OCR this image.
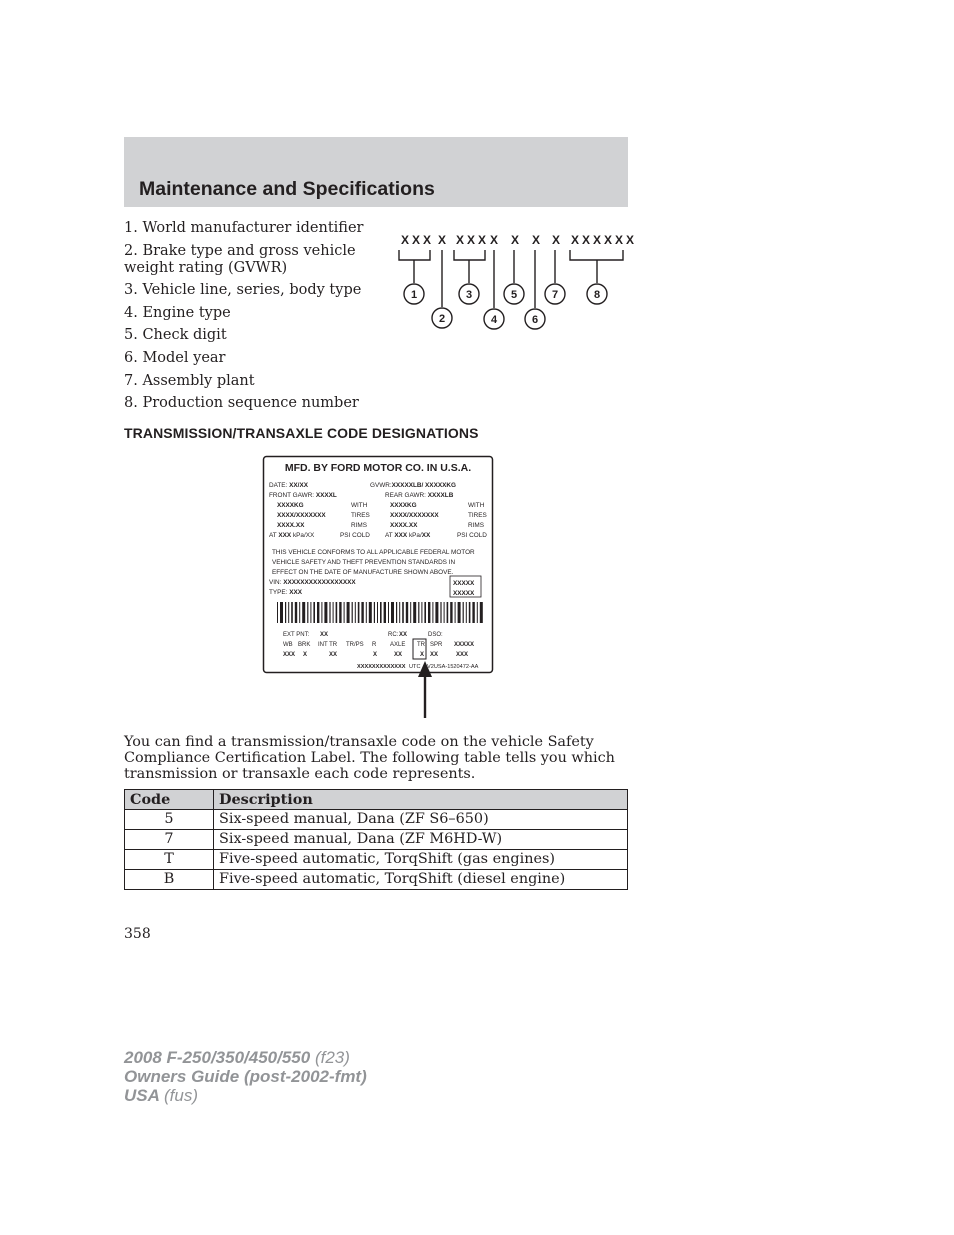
Maintenance and Specifications
1. World manufacturer identifier
2. Brake type and gross vehicle weight rating (GVWR)
3. Vehicle line, series, body type
4. Engine type
5. Check digit
6. Model year
7. Assembly plant
8. Production sequence number
XXX X XXX X X X X XXXXXX
1
2
3
4
5
6
7	8
TRANSMISSION/TRANSAXLE CODE DESIGNATIONS
MFD. BY FORD MOTOR CO. IN U.S.A.
DATE: XX/XX	GVWR:XXXXXLB/ XXXXXKG
FRONT GAWR: XXXXL	REAR GAWR: XXXXLB
XXXXKG	WITH	XXXXKG	WITH
XXXX/XXXXXXX	TIRES	XXXX/XXXXXXX	TIRES
XXXX.XX	RIMS	XXXX.XX	RIMS
AT XXX kPa/XX	PSI COLD AT XXX kPa/XX	PSI COLD
THIS VEHICLE CONFORMS TO ALL APPLICABLE FEDERAL MOTOR
VEHICLE SAFETY AND THEFT PREVENTION STANDARDS IN
EFFECT ON THE DATE OF MANUFACTURE SHOWN ABOVE.
VIN: XXXXXXXXXXXXXXXXX
TYPE: XXX
XXXXX
XXXXX
EXT PNT: XX	RC: XX	DSO:
WB BRK INT TR TR/PS R AXLE TR SPR XXXXX
XXX X	XX	X	XX	X XX	XXX
XXXXXXXXXXXXX UTC V2USA-1520472-AA

You can find a transmission/transaxle code on the vehicle Safety Compliance Certification Label. The following table tells you which transmission or transaxle each code represents.

Code	Description
5	Six-speed manual, Dana (ZF S6–650)
7	Six-speed manual, Dana (ZF M6HD-W)
T	Five-speed automatic, TorqShift (gas engines)
B	Five-speed automatic, TorqShift (diesel engine)
358
2008 F-250/350/450/550 (f23)
Owners Guide (post-2002-fmt)
USA (fus)
